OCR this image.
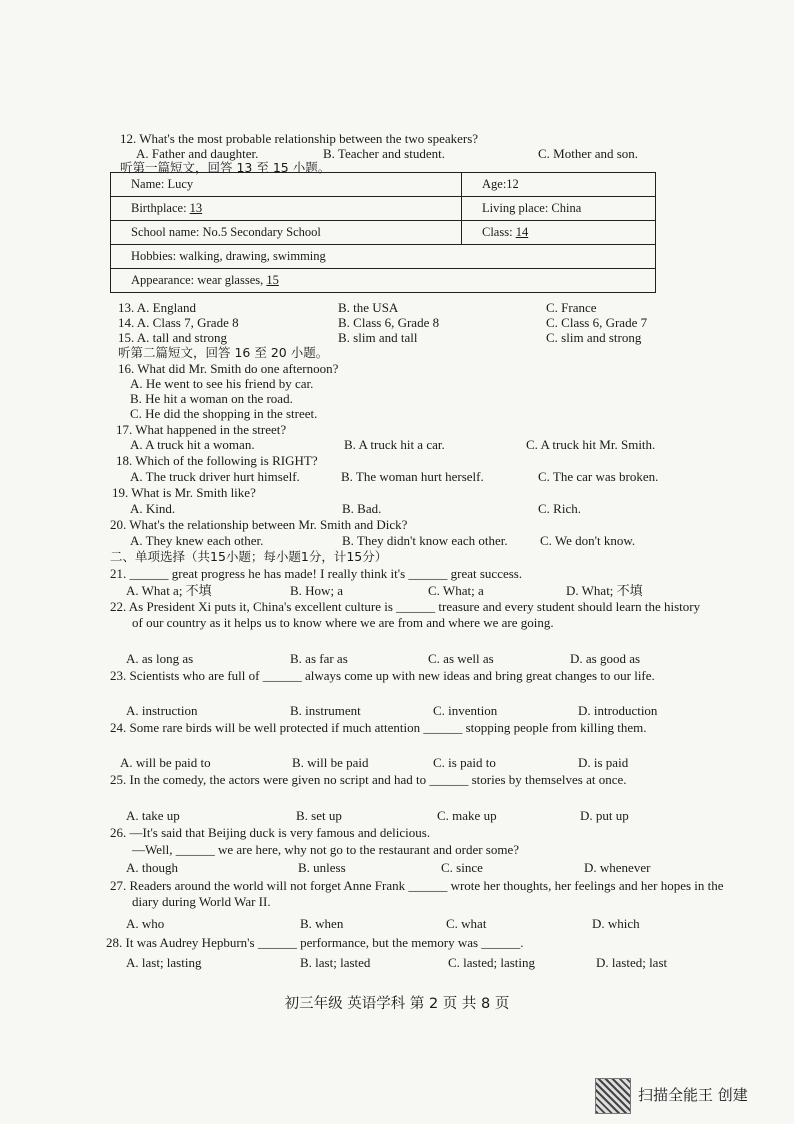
12. What's the most probable relationship between the two speakers?
A. Father and daughter.	B. Teacher and student.	C. Mother and son.
听第一篇短文，回答 13 至 15 小题。
Name: Lucy	Age:12
Birthplace: 13	Living place: China
School name: No.5 Secondary School	Class: 14
Hobbies: walking, drawing, swimming	
Appearance: wear glasses, 15	
13. A. England	B. the USA	C. France
14. A. Class 7, Grade 8	B. Class 6, Grade 8	C. Class 6, Grade 7
15. A. tall and strong	B. slim and tall	C. slim and strong
听第二篇短文，回答 16 至 20 小题。
16. What did Mr. Smith do one afternoon?
A. He went to see his friend by car.
B. He hit a woman on the road.
C. He did the shopping in the street.
17. What happened in the street?
A. A truck hit a woman.	B. A truck hit a car.	C. A truck hit Mr. Smith.
18. Which of the following is RIGHT?
A. The truck driver hurt himself.	B. The woman hurt herself.	C. The car was broken.
19. What is Mr. Smith like?
A. Kind.	B. Bad.	C. Rich.
20. What's the relationship between Mr. Smith and Dick?
A. They knew each other.	B. They didn't know each other. C. We don't know.
二、单项选择（共15小题；每小题1分，计15分）
21. ______ great progress he has made! I really think it's ______ great success.
A. What a; 不填	B. How; a	C. What; a	D. What; 不填
22. As President Xi puts it, China's excellent culture is ______ treasure and every student should learn the history of our country as it helps us to know where we are from and where we are going.
A. as long as	B. as far as	C. as well as	D. as good as
23. Scientists who are full of ______ always come up with new ideas and bring great changes to our life.
A. instruction	B. instrument	C. invention	D. introduction
24. Some rare birds will be well protected if much attention ______ stopping people from killing them.
A. will be paid to	B. will be paid	C. is paid to	D. is paid
25. In the comedy, the actors were given no script and had to ______ stories by themselves at once.
A. take up	B. set up	C. make up	D. put up
26. —It's said that Beijing duck is very famous and delicious.
—Well, ______ we are here, why not go to the restaurant and order some?
A. though	B. unless	C. since	D. whenever
27. Readers around the world will not forget Anne Frank ______ wrote her thoughts, her feelings and her hopes in the diary during World War II.
A. who	B. when	C. what	D. which
28. It was Audrey Hepburn's ______ performance, but the memory was ______.
A. last; lasting	B. last; lasted	C. lasted; lasting	D. lasted; last
初三年级 英语学科 第 2 页 共 8 页
扫描全能王 创建
